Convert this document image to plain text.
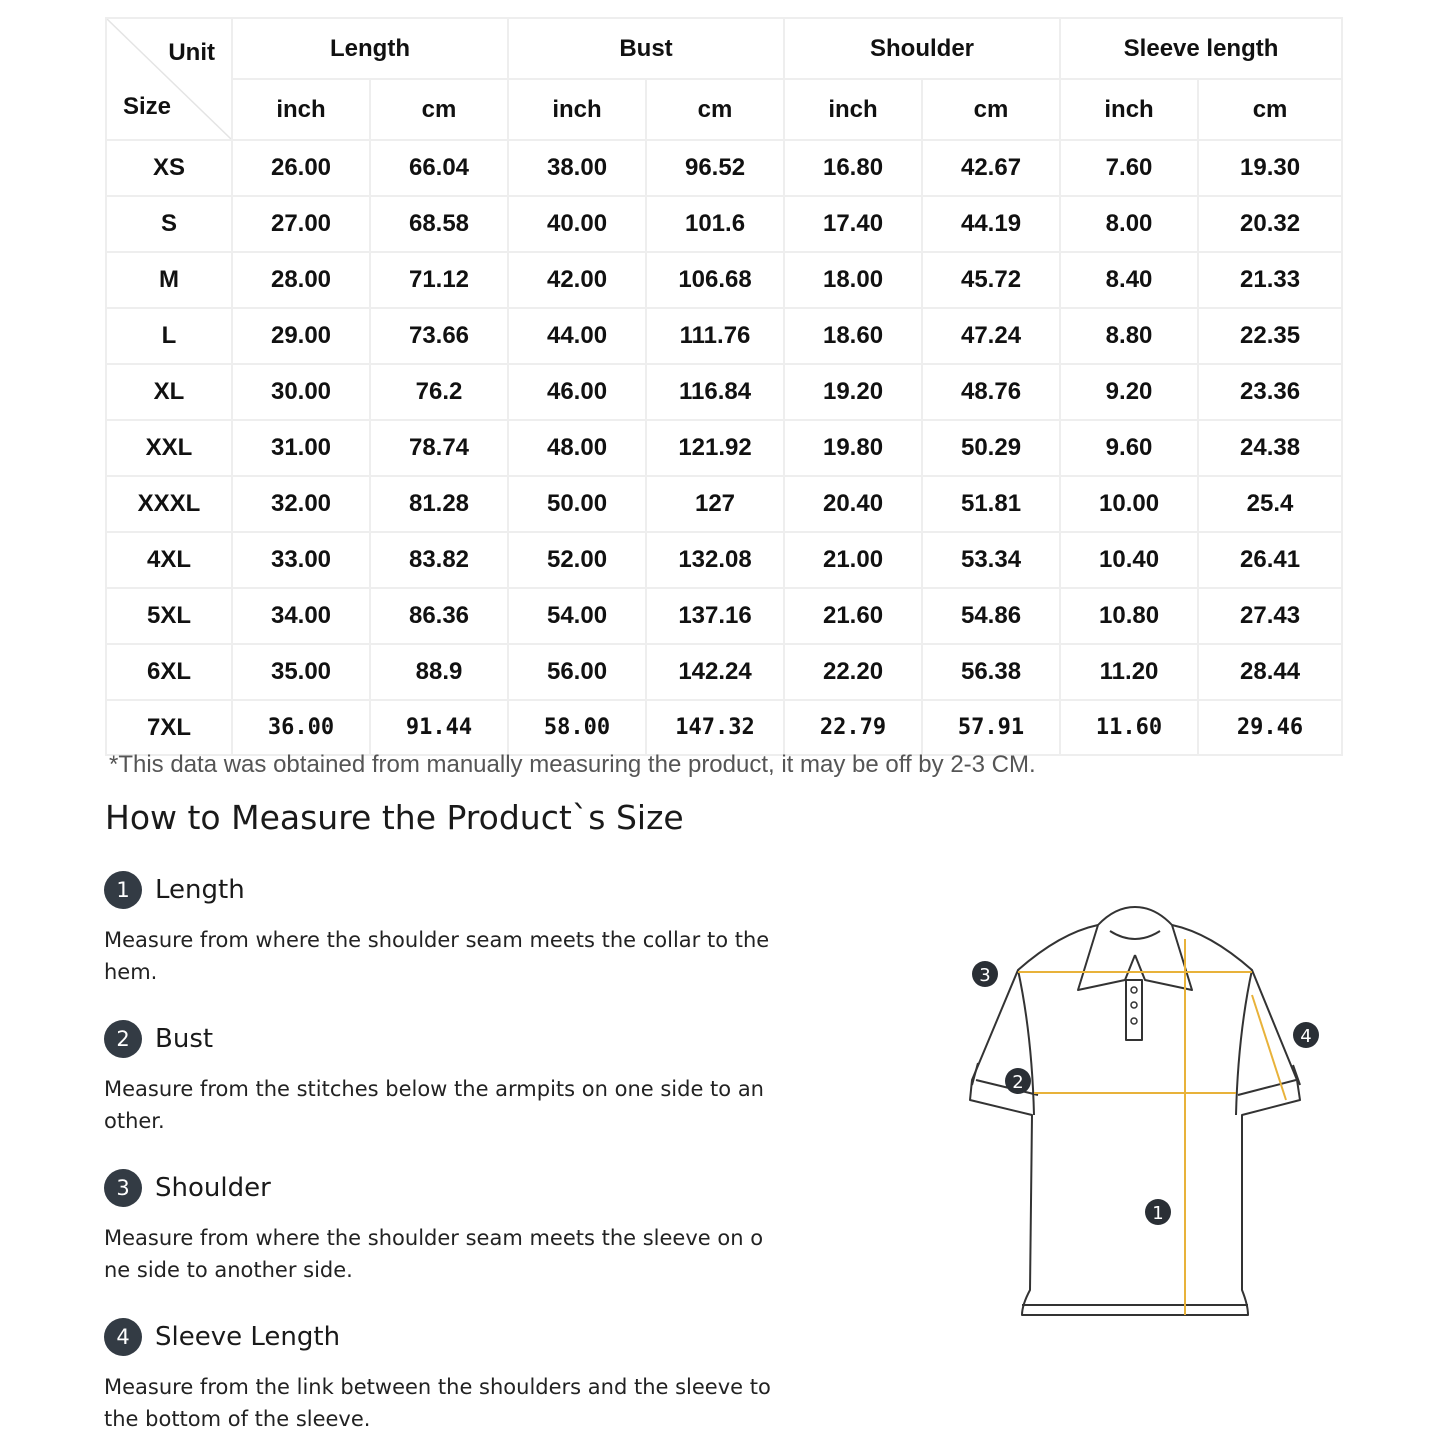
Unit
Size	Length		Bust		Shoulder		Sleeve length	
	inch	cm	inch	cm	inch	cm	inch	cm
XS	26.00	66.04	38.00	96.52	16.80	42.67	7.60	19.30
S	27.00	68.58	40.00	101.6	17.40	44.19	8.00	20.32
M	28.00	71.12	42.00	106.68	18.00	45.72	8.40	21.33
L	29.00	73.66	44.00	111.76	18.60	47.24	8.80	22.35
XL	30.00	76.2	46.00	116.84	19.20	48.76	9.20	23.36
XXL	31.00	78.74	48.00	121.92	19.80	50.29	9.60	24.38
XXXL	32.00	81.28	50.00	127	20.40	51.81	10.00	25.4
4XL	33.00	83.82	52.00	132.08	21.00	53.34	10.40	26.41
5XL	34.00	86.36	54.00	137.16	21.60	54.86	10.80	27.43
6XL	35.00	88.9	56.00	142.24	22.20	56.38	11.20	28.44
7XL	36.00	91.44	58.00	147.32	22.79	57.91	11.60	29.46
*This data was obtained from manually measuring the product, it may be off by 2-3 CM.
How to Measure the Product`s Size
1 Length
Measure from where the shoulder seam meets the collar to the hem.
2 Bust
Measure from the stitches below the armpits on one side to another.
3 Shoulder
Measure from where the shoulder seam meets the sleeve on one side to another side.
4 Sleeve Length
Measure from the link between the shoulders and the sleeve to the bottom of the sleeve.
1
2
3
4
